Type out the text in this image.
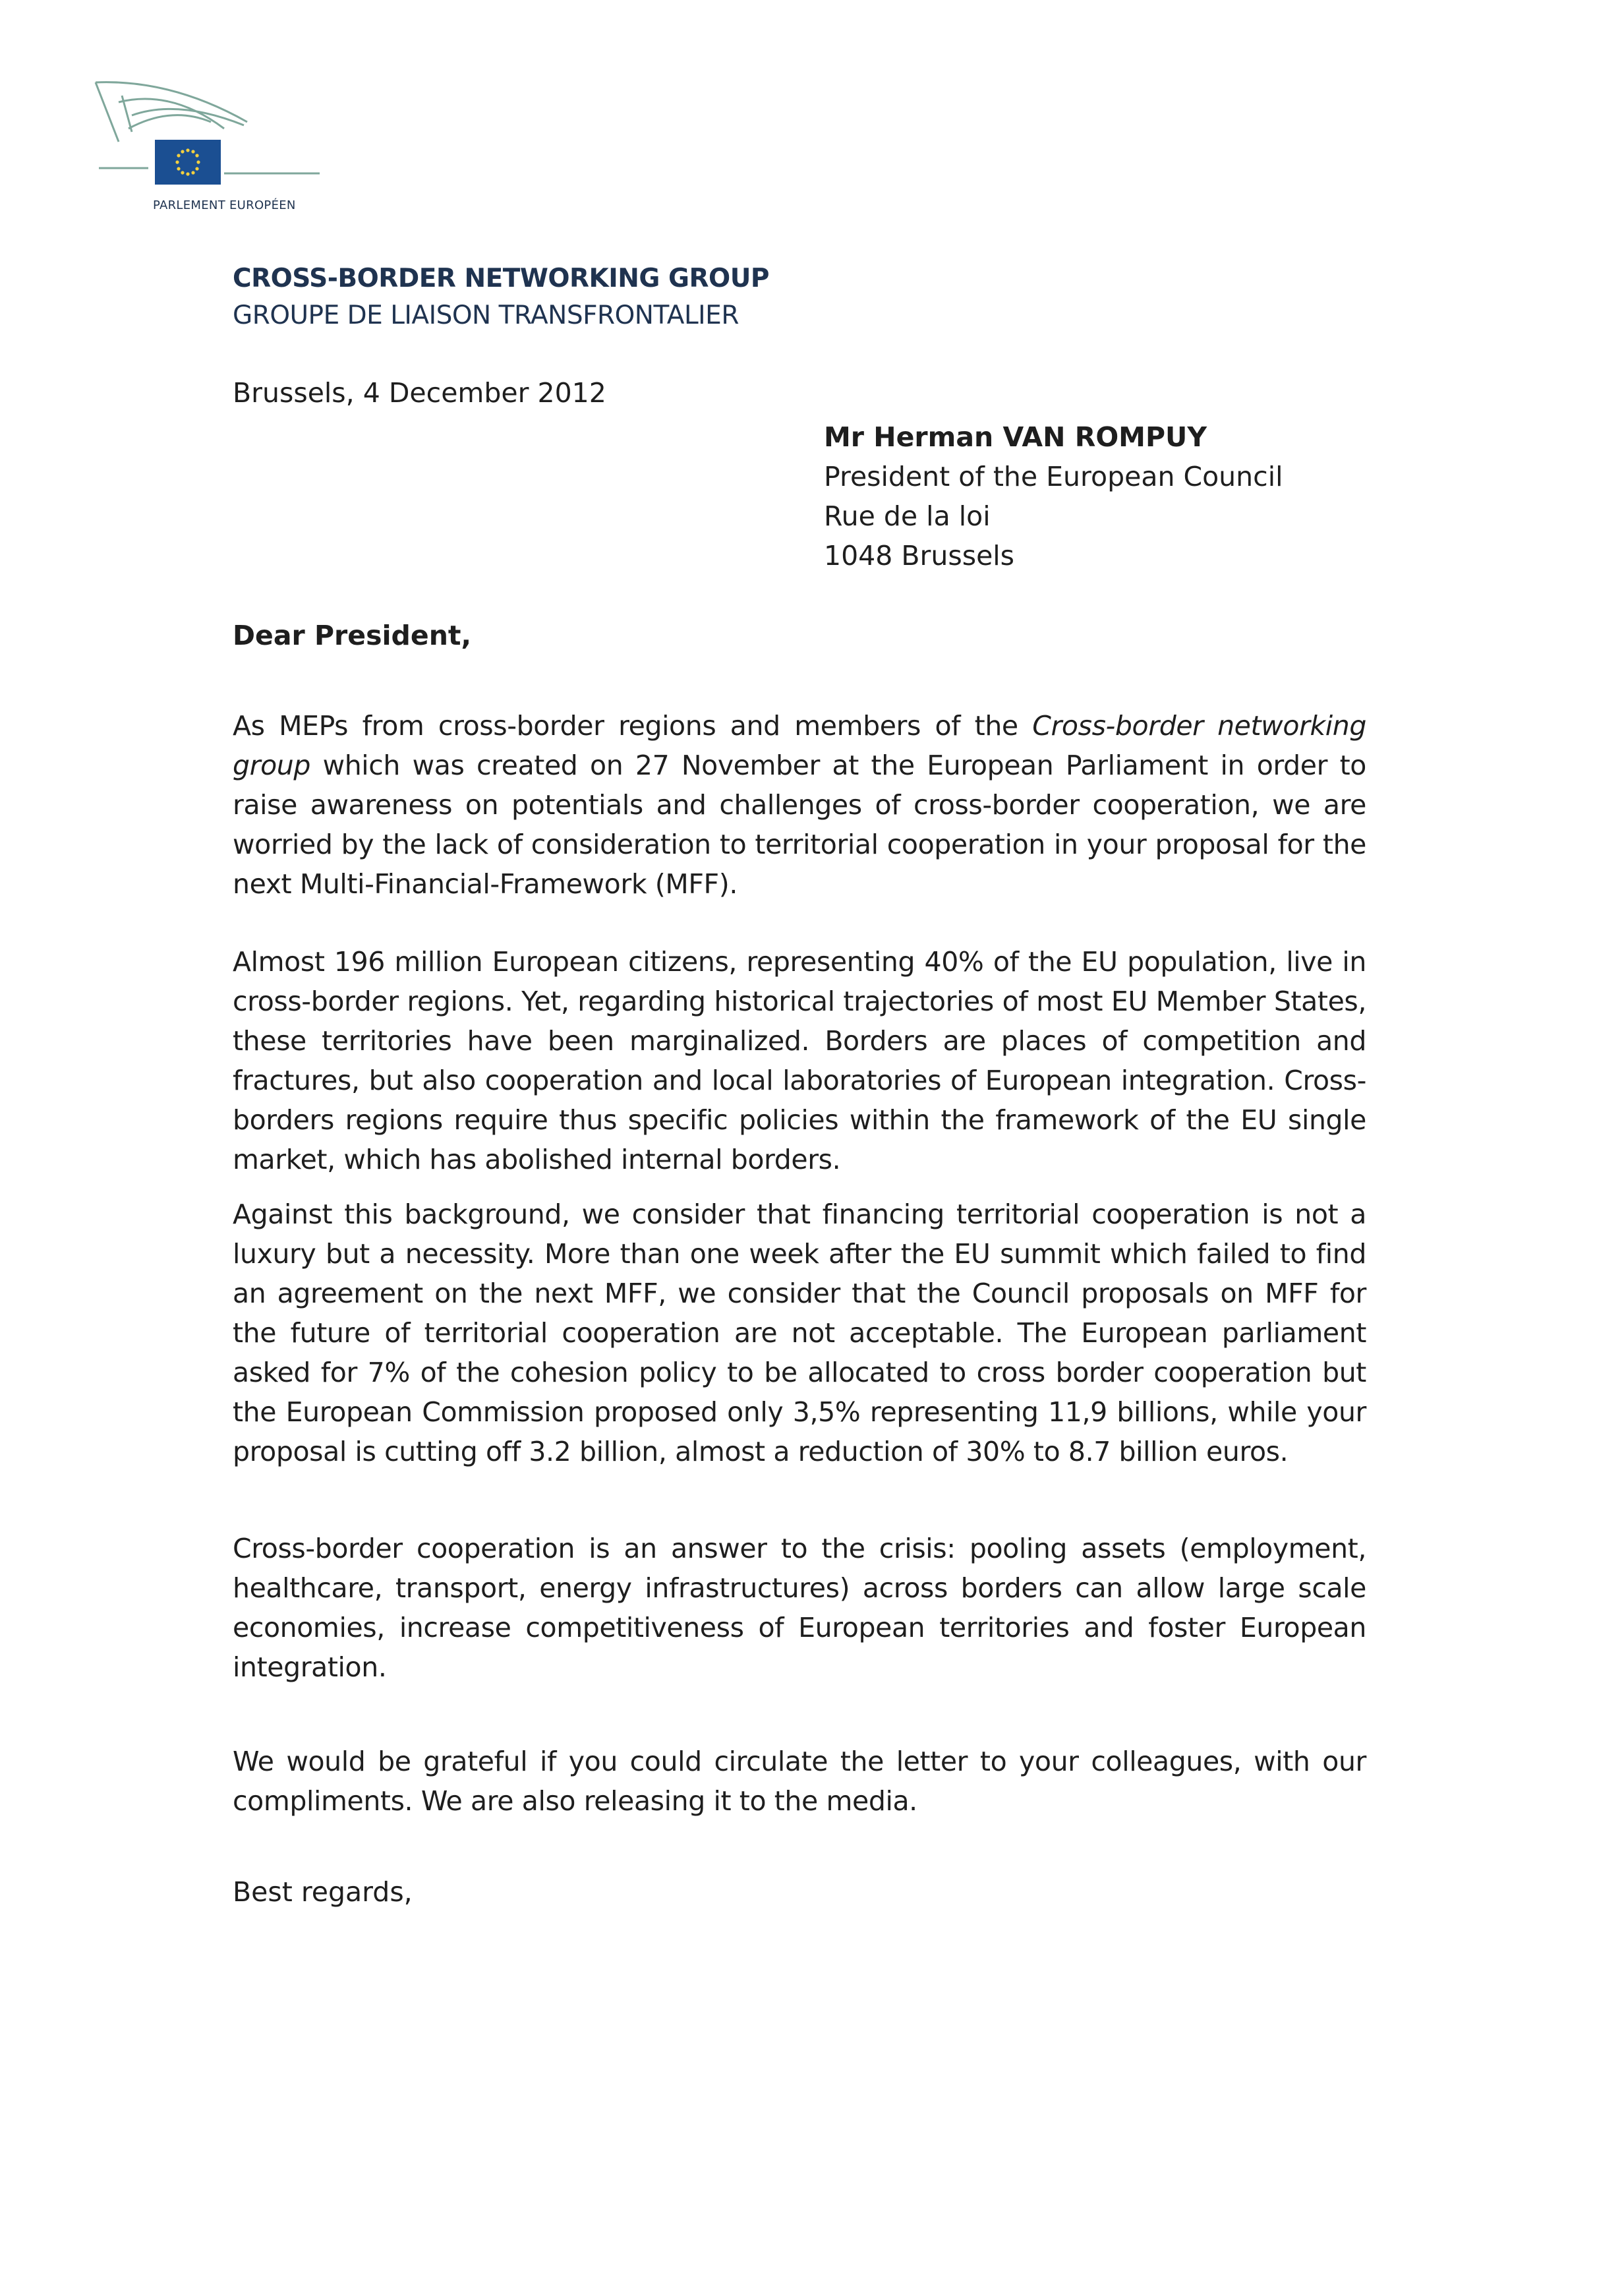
PARLEMENT EUROPÉEN
CROSS-BORDER NETWORKING GROUP
GROUPE DE LIAISON TRANSFRONTALIER
Brussels, 4 December 2012
Mr Herman VAN ROMPUY
President of the European Council
Rue de la loi
1048 Brussels
Dear President,
As MEPs from cross-border regions and members of the Cross-border networking group which was created on 27 November at the European Parliament in order to raise awareness on potentials and challenges of cross-border cooperation, we are worried by the lack of consideration to territorial cooperation in your proposal for the next Multi-Financial-Framework (MFF).
Almost 196 million European citizens, representing 40% of the EU population, live in cross-border regions. Yet, regarding historical trajectories of most EU Member States, these territories have been marginalized. Borders are places of competition and fractures, but also cooperation and local laboratories of European integration. Cross-borders regions require thus specific policies within the framework of the EU single market, which has abolished internal borders.
Against this background, we consider that financing territorial cooperation is not a luxury but a necessity. More than one week after the EU summit which failed to find an agreement on the next MFF, we consider that the Council proposals on MFF for the future of territorial cooperation are not acceptable. The European parliament asked for 7% of the cohesion policy to be allocated to cross border cooperation but the European Commission proposed only 3,5% representing 11,9 billions, while your proposal is cutting off 3.2 billion, almost a reduction of 30% to 8.7 billion euros.
Cross-border cooperation is an answer to the crisis: pooling assets (employment, healthcare, transport, energy infrastructures) across borders can allow large scale economies, increase competitiveness of European territories and foster European integration.
We would be grateful if you could circulate the letter to your colleagues, with our compliments. We are also releasing it to the media.
Best regards,
